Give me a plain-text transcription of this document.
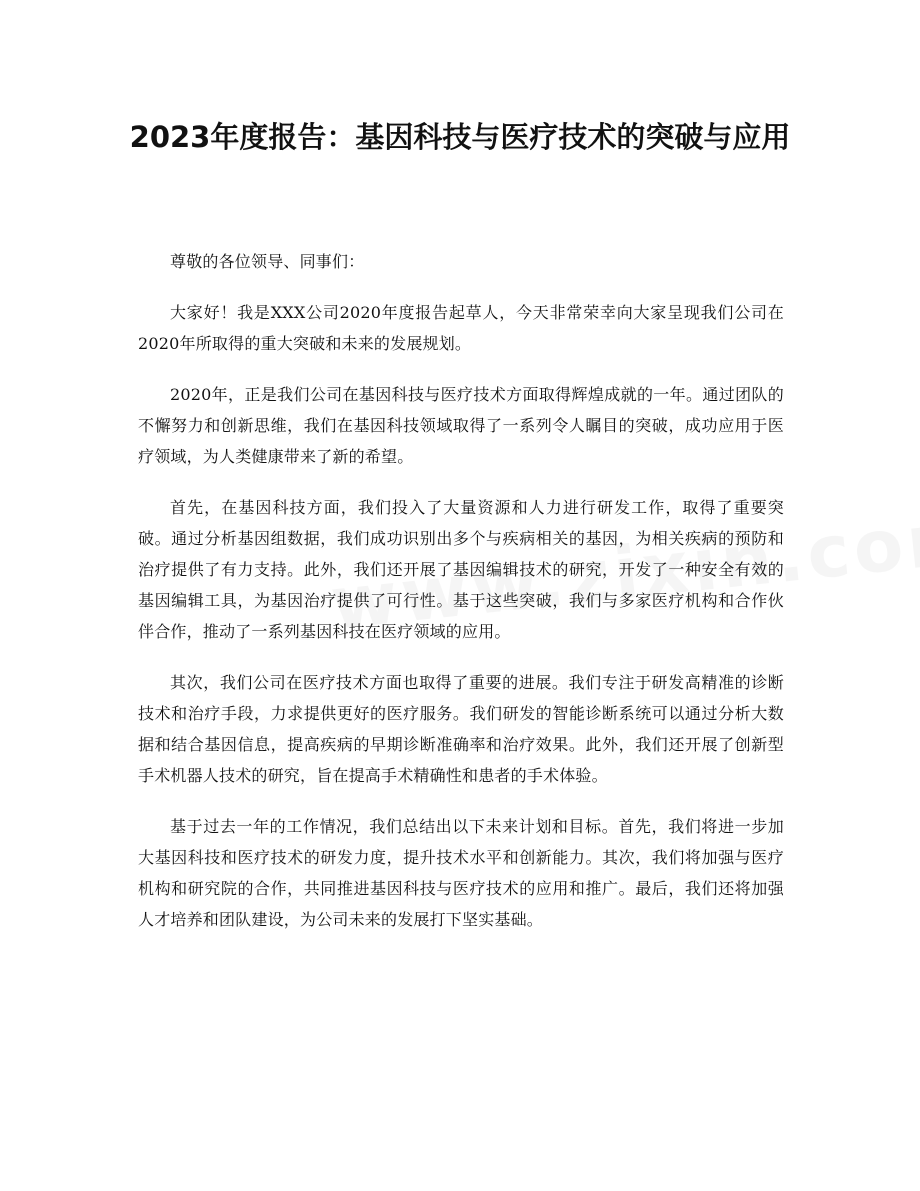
2023年度报告：基因科技与医疗技术的突破与应用

尊敬的各位领导、同事们：

大家好！我是XXX公司2020年度报告起草人，今天非常荣幸向大家呈现我们公司在2020年所取得的重大突破和未来的发展规划。

2020年，正是我们公司在基因科技与医疗技术方面取得辉煌成就的一年。通过团队的不懈努力和创新思维，我们在基因科技领域取得了一系列令人瞩目的突破，成功应用于医疗领域，为人类健康带来了新的希望。

首先，在基因科技方面，我们投入了大量资源和人力进行研发工作，取得了重要突破。通过分析基因组数据，我们成功识别出多个与疾病相关的基因，为相关疾病的预防和治疗提供了有力支持。此外，我们还开展了基因编辑技术的研究，开发了一种安全有效的基因编辑工具，为基因治疗提供了可行性。基于这些突破，我们与多家医疗机构和合作伙伴合作，推动了一系列基因科技在医疗领域的应用。

其次，我们公司在医疗技术方面也取得了重要的进展。我们专注于研发高精准的诊断技术和治疗手段，力求提供更好的医疗服务。我们研发的智能诊断系统可以通过分析大数据和结合基因信息，提高疾病的早期诊断准确率和治疗效果。此外，我们还开展了创新型手术机器人技术的研究，旨在提高手术精确性和患者的手术体验。

基于过去一年的工作情况，我们总结出以下未来计划和目标。首先，我们将进一步加大基因科技和医疗技术的研发力度，提升技术水平和创新能力。其次，我们将加强与医疗机构和研究院的合作，共同推进基因科技与医疗技术的应用和推广。最后，我们还将加强人才培养和团队建设，为公司未来的发展打下坚实基础。
